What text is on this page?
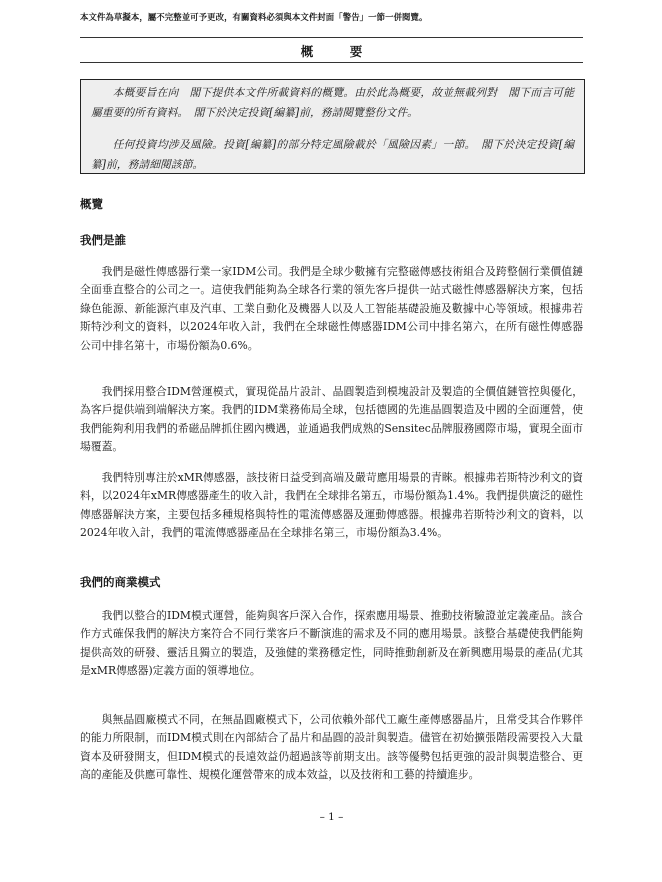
本文件為草擬本，屬不完整並可予更改，有關資料必須與本文件封面「警告」一節一併閱覽。
概　要

本概要旨在向　閣下提供本文件所載資料的概覽。由於此為概要，故並無載列對　閣下而言可能屬重要的所有資料。　閣下於決定投資[編纂]前，務請閱覽整份文件。

任何投資均涉及風險。投資[編纂]的部分特定風險載於「風險因素」一節。　閣下於決定投資[編纂]前，務請細閱該節。

概覽
我們是誰

我們是磁性傳感器行業一家IDM公司。我們是全球少數擁有完整磁傳感技術組合及跨整個行業價值鏈全面垂直整合的公司之一。這使我們能夠為全球各行業的領先客戶提供一站式磁性傳感器解決方案，包括綠色能源、新能源汽車及汽車、工業自動化及機器人以及人工智能基礎設施及數據中心等領域。根據弗若斯特沙利文的資料，以2024年收入計，我們在全球磁性傳感器IDM公司中排名第六，在所有磁性傳感器公司中排名第十，市場份額為0.6%。

我們採用整合IDM營運模式，實現從晶片設計、晶圓製造到模塊設計及製造的全價值鏈管控與優化，為客戶提供端到端解決方案。我們的IDM業務佈局全球，包括德國的先進晶圓製造及中國的全面運營，使我們能夠利用我們的希磁品牌抓住國內機遇，並通過我們成熟的Sensitec品牌服務國際市場，實現全面市場覆蓋。

我們特別專注於xMR傳感器，該技術日益受到高端及嚴苛應用場景的青睞。根據弗若斯特沙利文的資料，以2024年xMR傳感器產生的收入計，我們在全球排名第五，市場份額為1.4%。我們提供廣泛的磁性傳感器解決方案，主要包括多種規格與特性的電流傳感器及運動傳感器。根據弗若斯特沙利文的資料，以2024年收入計，我們的電流傳感器產品在全球排名第三，市場份額為3.4%。

我們的商業模式

我們以整合的IDM模式運營，能夠與客戶深入合作，探索應用場景、推動技術驗證並定義產品。該合作方式確保我們的解決方案符合不同行業客戶不斷演進的需求及不同的應用場景。該整合基礎使我們能夠提供高效的研發、靈活且獨立的製造，及強健的業務穩定性，同時推動創新及在新興應用場景的產品(尤其是xMR傳感器)定義方面的領導地位。

與無晶圓廠模式不同，在無晶圓廠模式下，公司依賴外部代工廠生產傳感器晶片，且常受其合作夥伴的能力所限制，而IDM模式則在內部結合了晶片和晶圓的設計與製造。儘管在初始擴張階段需要投入大量資本及研發開支，但IDM模式的長遠效益仍超過該等前期支出。該等優勢包括更強的設計與製造整合、更高的產能及供應可靠性、規模化運營帶來的成本效益，以及技術和工藝的持續進步。

– 1 –
